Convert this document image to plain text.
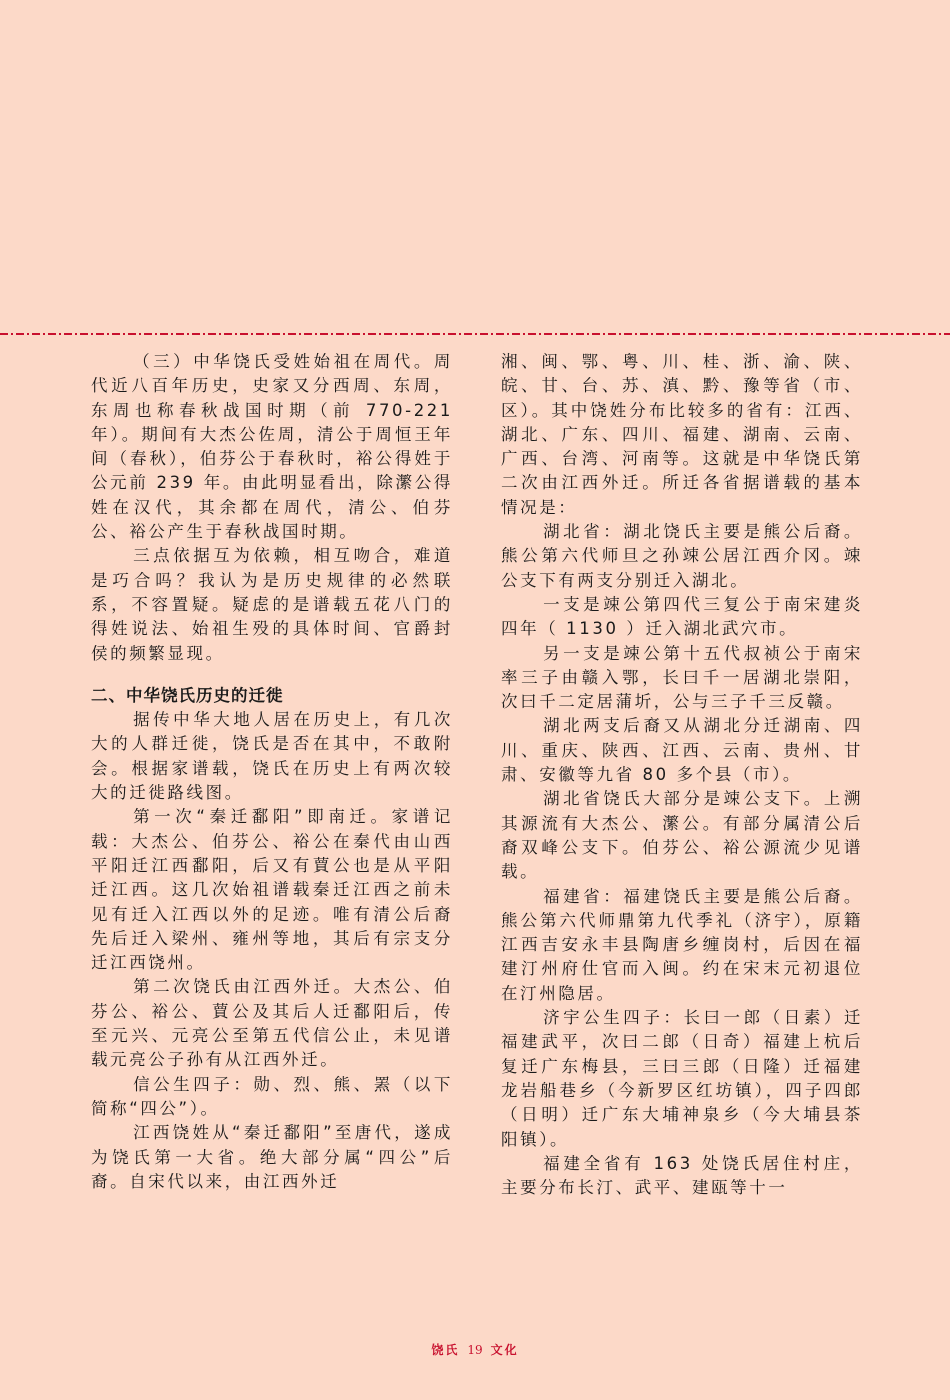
（三）中华饶氏受姓始祖在周代。周代近八百年历史，史家又分西周、东周，东周也称春秋战国时期（前 770-221 年）。期间有大杰公佐周，清公于周恒王年间（春秋），伯芬公于春秋时，裕公得姓于公元前 239 年。由此明显看出，除瀿公得姓在汉代，其余都在周代，清公、伯芬公、裕公产生于春秋战国时期。

三点依据互为依赖，相互吻合，难道是巧合吗？我认为是历史规律的必然联系，不容置疑。疑虑的是谱载五花八门的得姓说法、始祖生殁的具体时间、官爵封侯的频繁显现。

二、中华饶氏历史的迁徙

据传中华大地人居在历史上，有几次大的人群迁徙，饶氏是否在其中，不敢附会。根据家谱载，饶氏在历史上有两次较大的迁徙路线图。

第一次“秦迁鄱阳”即南迁。家谱记载：大杰公、伯芬公、裕公在秦代由山西平阳迁江西鄱阳，后又有蕒公也是从平阳迁江西。这几次始祖谱载秦迁江西之前未见有迁入江西以外的足迹。唯有清公后裔先后迁入梁州、雍州等地，其后有宗支分迁江西饶州。

第二次饶氏由江西外迁。大杰公、伯芬公、裕公、蕒公及其后人迁鄱阳后，传至元兴、元亮公至第五代信公止，未见谱载元亮公子孙有从江西外迁。

信公生四子：勋、烈、熊、罴（以下简称“四公”）。

江西饶姓从“秦迁鄱阳”至唐代，遂成为饶氏第一大省。绝大部分属“四公”后裔。自宋代以来，由江西外迁

湘、闽、鄂、粤、川、桂、浙、渝、陕、皖、甘、台、苏、滇、黔、豫等省（市、区）。其中饶姓分布比较多的省有：江西、湖北、广东、四川、福建、湖南、云南、广西、台湾、河南等。这就是中华饶氏第二次由江西外迁。所迁各省据谱载的基本情况是：

湖北省：湖北饶氏主要是熊公后裔。熊公第六代师旦之孙竦公居江西介冈。竦公支下有两支分别迁入湖北。

一支是竦公第四代三复公于南宋建炎四年（ 1130 ）迁入湖北武穴市。

另一支是竦公第十五代叔祯公于南宋率三子由赣入鄂，长曰千一居湖北崇阳，次曰千二定居蒲圻，公与三子千三反赣。

湖北两支后裔又从湖北分迁湖南、四川、重庆、陕西、江西、云南、贵州、甘肃、安徽等九省 80 多个县（市）。

湖北省饶氏大部分是竦公支下。上溯其源流有大杰公、瀿公。有部分属清公后裔双峰公支下。伯芬公、裕公源流少见谱载。

福建省：福建饶氏主要是熊公后裔。熊公第六代师鼎第九代季礼（济宇），原籍江西吉安永丰县陶唐乡缠岗村，后因在福建汀州府仕官而入闽。约在宋末元初退位在汀州隐居。

济宇公生四子：长曰一郎（日素）迁福建武平，次曰二郎（日奇）福建上杭后复迁广东梅县，三曰三郎（日隆）迁福建龙岩船巷乡（今新罗区红坊镇），四子四郎（日明）迁广东大埔神泉乡（今大埔县茶阳镇）。

福建全省有 163 处饶氏居住村庄，主要分布长汀、武平、建瓯等十一

饶氏 19 文化
